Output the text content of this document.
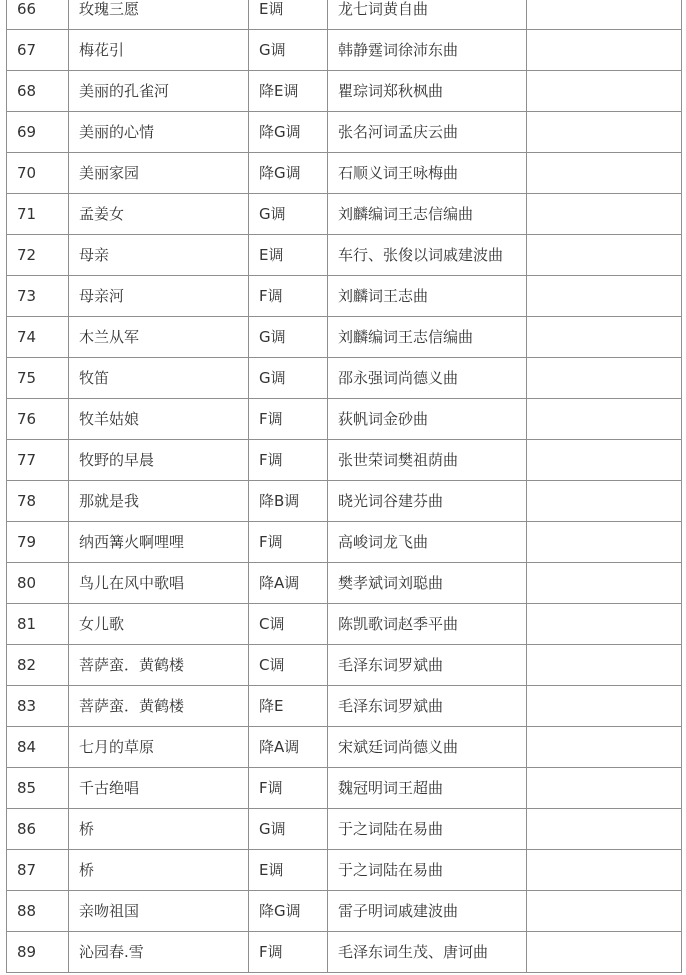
66	玫瑰三愿	E调	龙七词黄自曲	
67	梅花引	G调	韩静霆词徐沛东曲	
68	美丽的孔雀河	降E调	瞿琮词郑秋枫曲	
69	美丽的心情	降G调	张名河词孟庆云曲	
70	美丽家园	降G调	石顺义词王咏梅曲	
71	孟姜女	G调	刘麟编词王志信编曲	
72	母亲	E调	车行、张俊以词戚建波曲	
73	母亲河	F调	刘麟词王志曲	
74	木兰从军	G调	刘麟编词王志信编曲	
75	牧笛	G调	邵永强词尚德义曲	
76	牧羊姑娘	F调	荻帆词金砂曲	
77	牧野的早晨	F调	张世荣词樊祖荫曲	
78	那就是我	降B调	晓光词谷建芬曲	
79	纳西篝火啊哩哩	F调	高峻词龙飞曲	
80	鸟儿在风中歌唱	降A调	樊孝斌词刘聪曲	
81	女儿歌	C调	陈凯歌词赵季平曲	
82	菩萨蛮．黄鹤楼	C调	毛泽东词罗斌曲	
83	菩萨蛮．黄鹤楼	降E	毛泽东词罗斌曲	
84	七月的草原	降A调	宋斌廷词尚德义曲	
85	千古绝唱	F调	魏冠明词王超曲	
86	桥	G调	于之词陆在易曲	
87	桥	E调	于之词陆在易曲	
88	亲吻祖国	降G调	雷子明词戚建波曲	
89	沁园春.雪	F调	毛泽东词生茂、唐诃曲	
